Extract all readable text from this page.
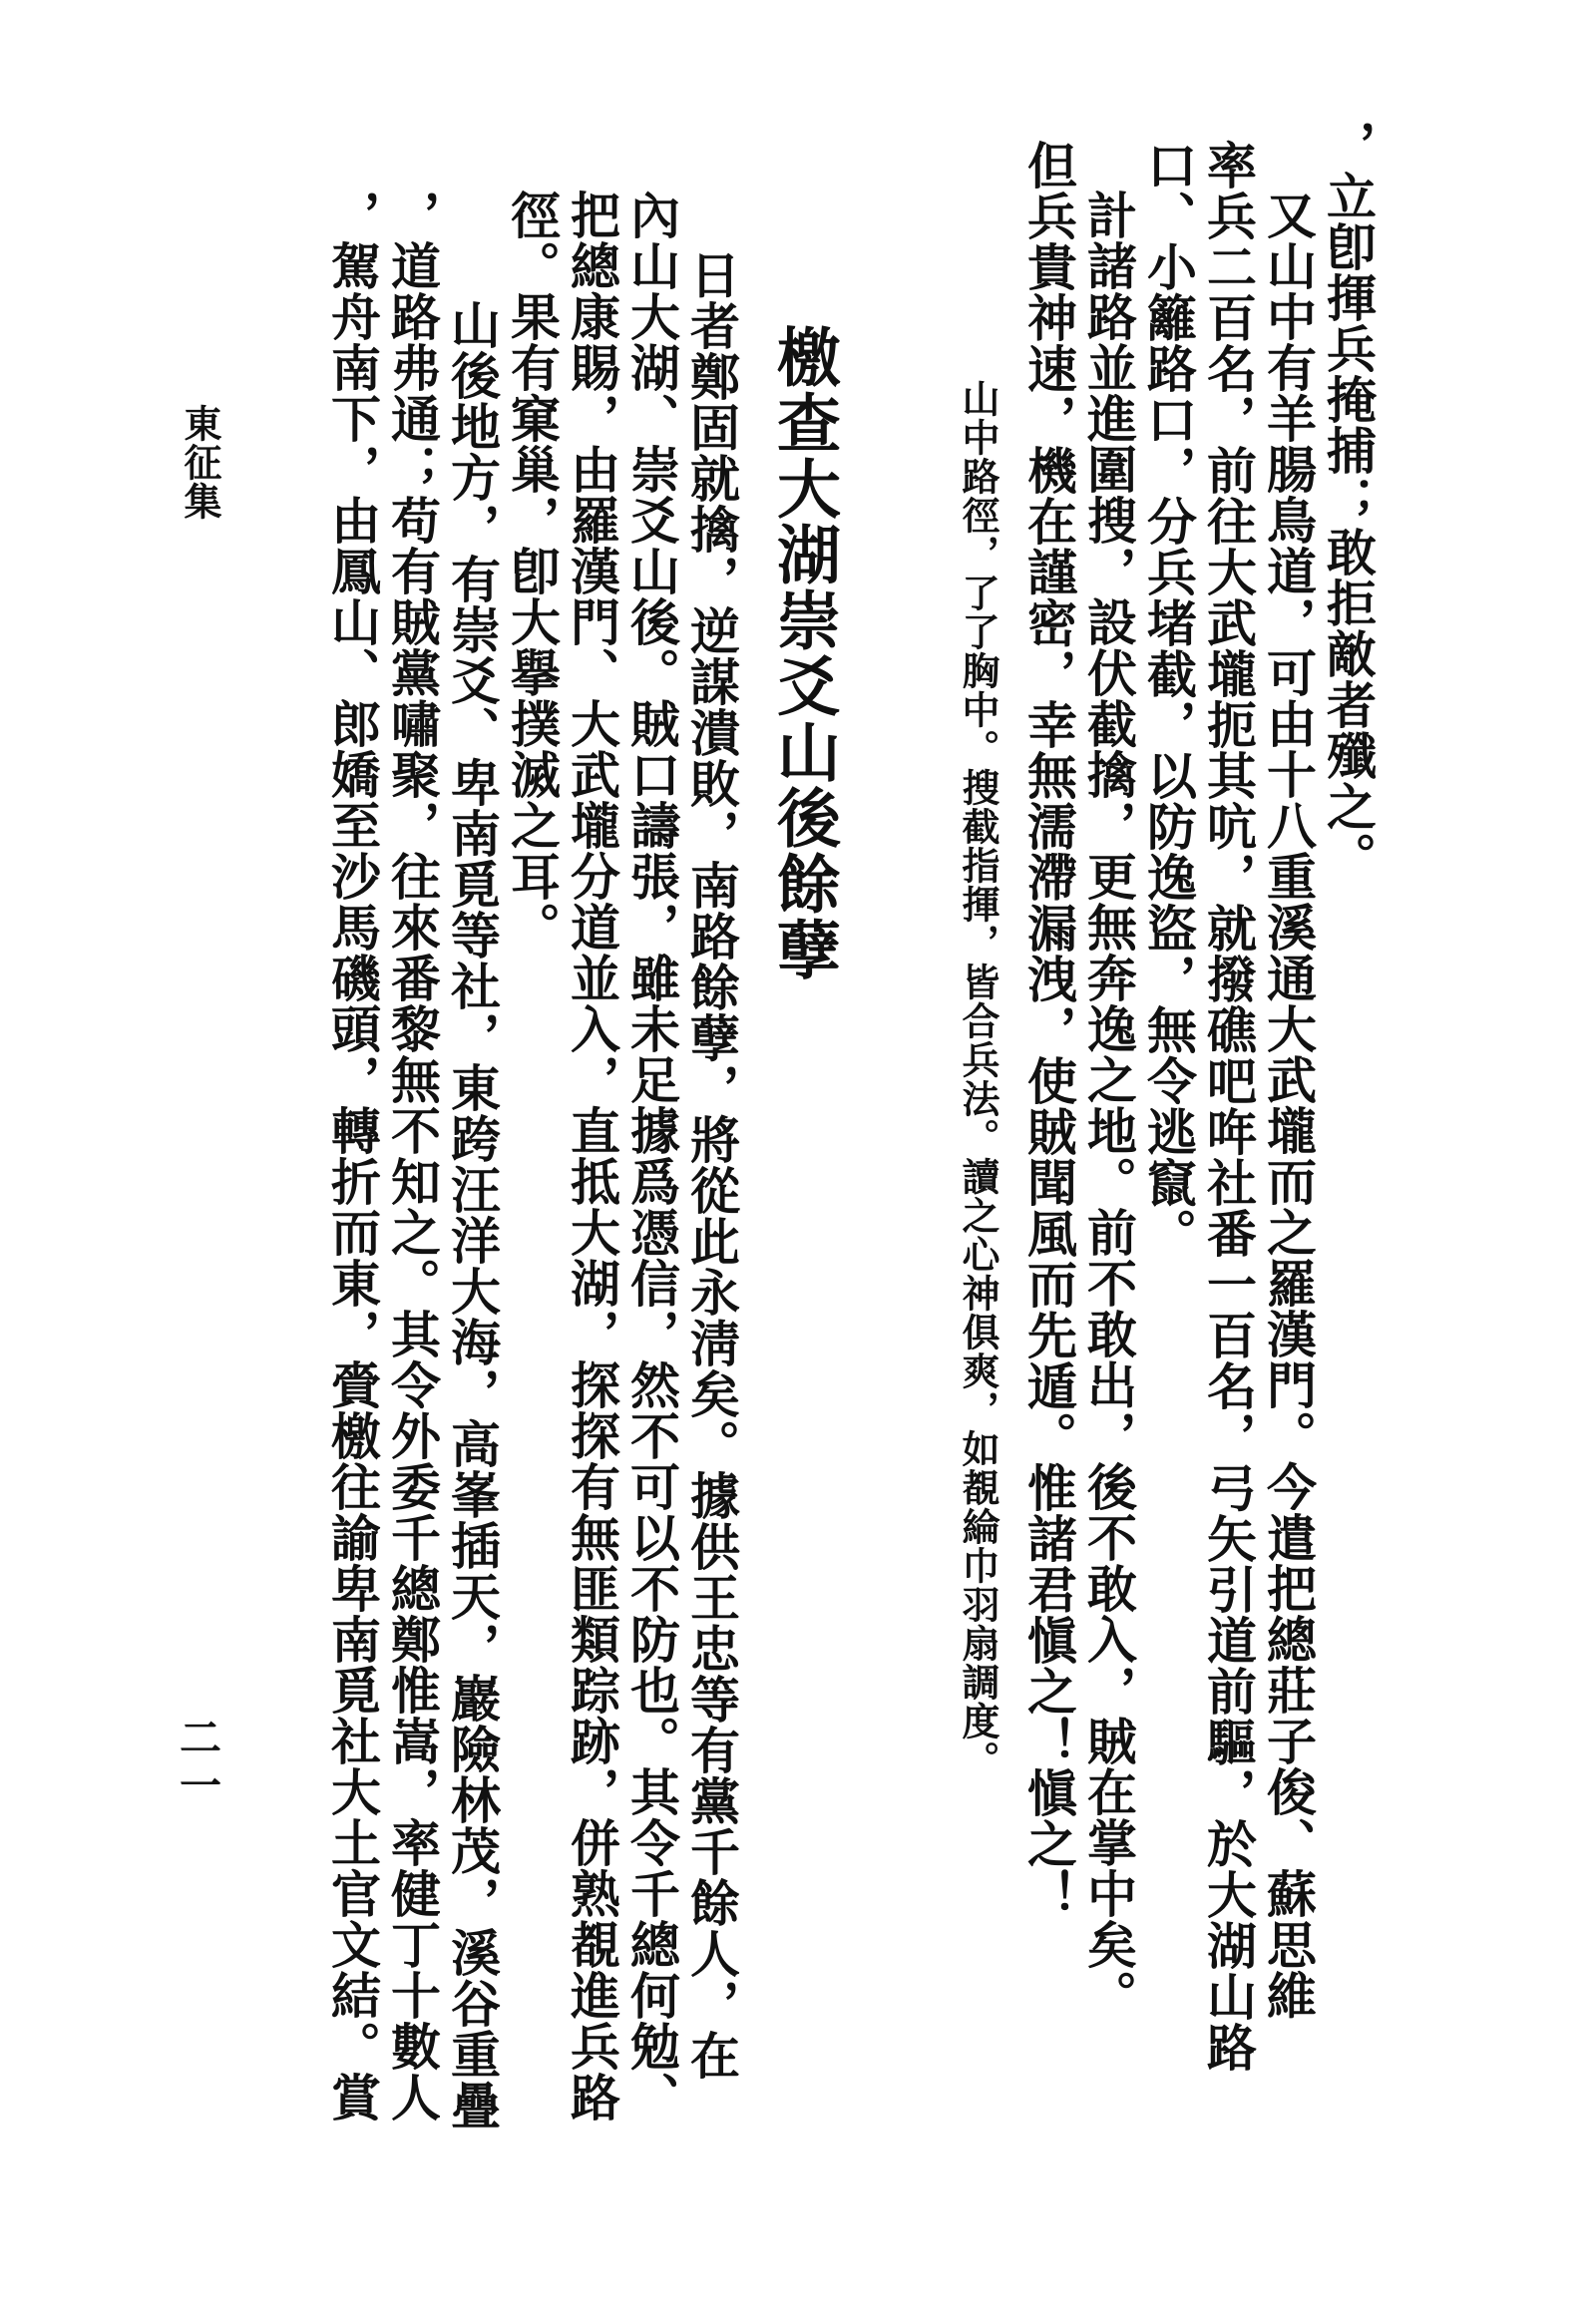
，立卽揮兵掩捕；敢拒敵者殲之。
又山中有羊腸鳥道，可由十八重溪通大武壠而之羅漢門。今遣把總莊子俊、蘇思維
率兵二百名，前往大武壠扼其吭，就撥礁吧哖社番一百名，弓矢引道前驅，於大湖山路
口、小籬路口，分兵堵截，以防逸盜，無令逃竄。
計諸路並進圍搜，設伏截擒，更無奔逸之地。前不敢出，後不敢入，賊在掌中矣。
但兵貴神速，機在謹密，幸無濡滯漏洩，使賊聞風而先遁。惟諸君愼之！愼之！
山中路徑，了了胸中。搜截指揮，皆合兵法。讀之心神俱爽，如覩綸巾羽扇調度。
檄查大湖崇爻山後餘孽
日者鄭固就擒，逆謀潰敗，南路餘孽，將從此永淸矣。據供王忠等有黨千餘人，在
內山大湖、崇爻山後。賊口譸張，雖未足據爲憑信，然不可以不防也。其令千總何勉、
把總康賜，由羅漢門、大武壠分道並入，直抵大湖，探探有無匪類踪跡，併熟覩進兵路
徑。果有窠巢，卽大擧撲滅之耳。
山後地方，有崇爻、卑南覓等社，東跨汪洋大海，高峯插天，巖險林茂，溪谷重疊
，道路弗通；苟有賊黨嘯聚，往來番黎無不知之。其令外委千總鄭惟嵩，率健丁十數人
，駕舟南下，由鳳山、郎嬌至沙馬磯頭，轉折而東，賫檄往諭卑南覓社大土官文結。賞
東征集
二一
